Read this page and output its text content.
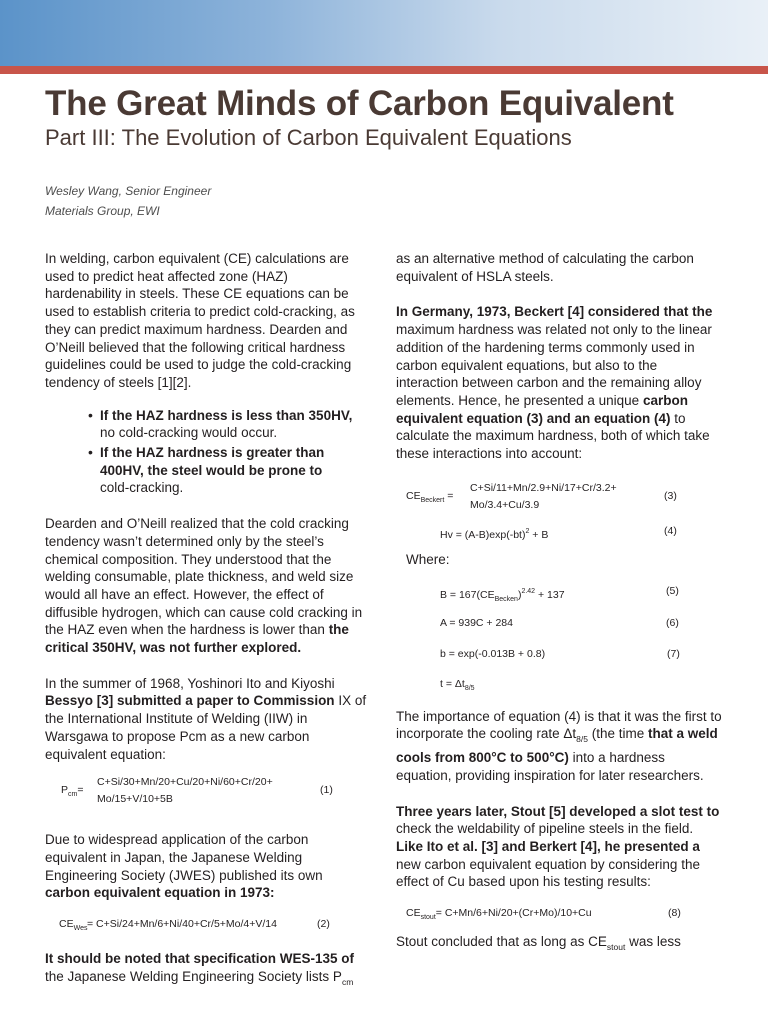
The Great Minds of Carbon Equivalent
Part III: The Evolution of Carbon Equivalent Equations
Wesley Wang, Senior Engineer
Materials Group, EWI

In welding, carbon equivalent (CE) calculations are used to predict heat affected zone (HAZ) hardenability in steels. These CE equations can be used to establish criteria to predict cold-cracking, as they can predict maximum hardness. Dearden and O’Neill believed that the following critical hardness guidelines could be used to judge the cold-cracking tendency of steels [1][2].

• If the HAZ hardness is less than 350HV,
no cold-cracking would occur.
• If the HAZ hardness is greater than 400HV, the steel would be prone to
cold-cracking.

Dearden and O’Neill realized that the cold cracking tendency wasn’t determined only by the steel’s chemical composition. They understood that the welding consumable, plate thickness, and weld size would all have an effect. However, the effect of diffusible hydrogen, which can cause cold cracking in the HAZ even when the hardness is lower than the critical 350HV, was not further explored.

In the summer of 1968, Yoshinori Ito and Kiyoshi
Bessyo [3] submitted a paper to Commission IX of the International Institute of Welding (IIW) in Warsgawa to propose Pcm as a new carbon equivalent equation:

$P_{cm}=$
C+Si/30+Mn/20+Cu/20+Ni/60+Cr/20+ Mo/15+V/10+5B
(1)

Due to widespread application of the carbon equivalent in Japan, the Japanese Welding Engineering Society (JWES) published its own carbon equivalent equation in 1973:

$CE_{Wes} = C+Si/24+Mn/6+Ni/40+Cr/5+Mo/4+V/14$	(2)

It should be noted that specification WES-135 of
the Japanese Welding Engineering Society lists $P_{cm}$

as an alternative method of calculating the carbon equivalent of HSLA steels.

In Germany, 1973, Beckert [4] considered that the maximum hardness was related not only to the linear addition of the hardening terms commonly used in carbon equivalent equations, but also to the interaction between carbon and the remaining alloy elements. Hence, he presented a unique carbon equivalent equation (3) and an equation (4) to calculate the maximum hardness, both of which take these interactions into account:

$CE_{Beckert}$ =
C+Si/11+Mn/2.9+Ni/17+Cr/3.2+ Mo/3.4+Cu/3.9
(3)
$Hv = (A-B)\exp(-bt)^2 + B$	(4)
Where:
$B = 167(CE_{Becken})^{2.42} + 137$	(5)
A = 939C + 284	(6)
b = exp(-0.013B + 0.8)	(7)
$t = \Delta t_{8/5}$

The importance of equation (4) is that it was the first to incorporate the cooling rate $\Delta t_{8/5}$ (the time that a weld cools from 800°C to 500°C) into a hardness equation, providing inspiration for later researchers.

Three years later, Stout [5] developed a slot test to
check the weldability of pipeline steels in the field.
Like Ito et al. [3] and Berkert [4], he presented a new carbon equivalent equation by considering the effect of Cu based upon his testing results:

$CE_{stout}= C+Mn/6+Ni/20+(Cr+Mo)/10+Cu$	(8)

Stout concluded that as long as $CE_{stout}$ was less
